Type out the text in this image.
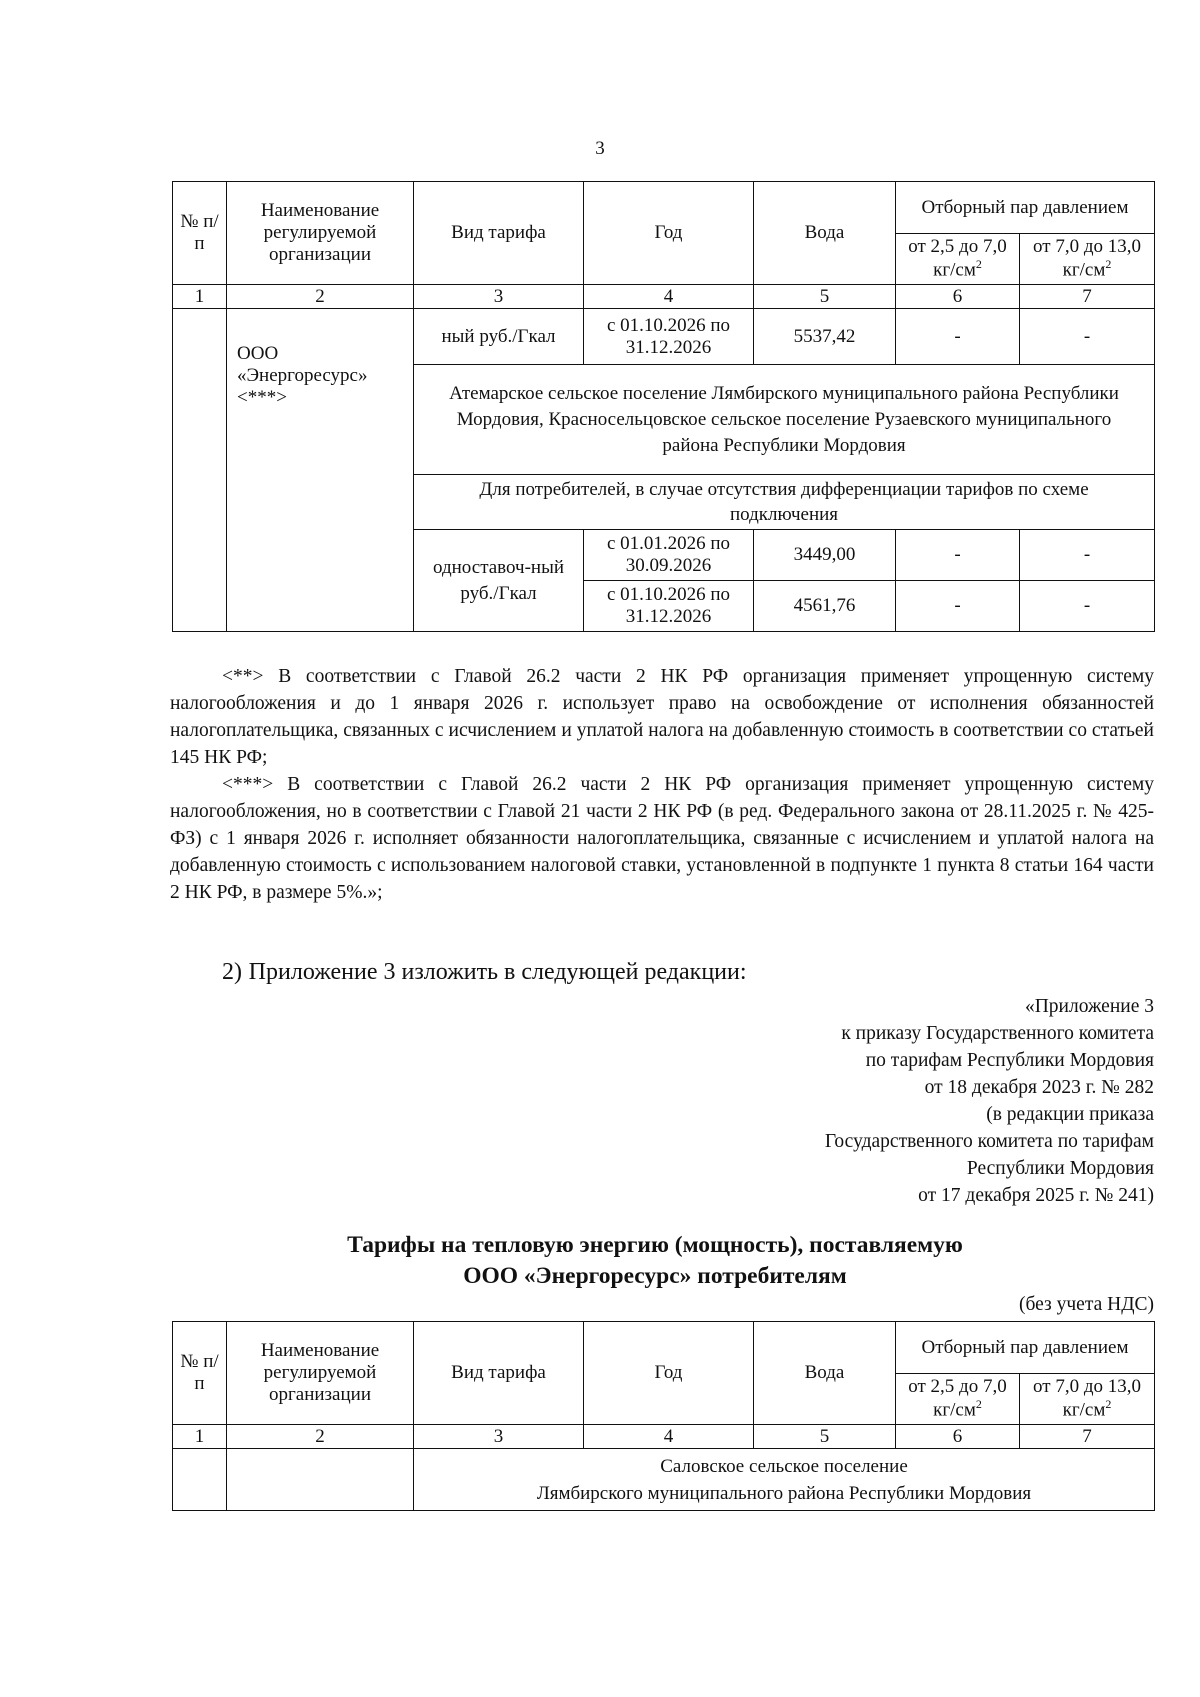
3
№ п/п	Наименование регулируемой организации	Вид тарифа	Год	Вода	Отборный пар давлением	
					от 2,5 до 7,0 $кг/см^2$	от 7,0 до 13,0 $кг/см^2$
1	2	3	4	5	6	7
	ООО «Энергоресурс» <***>	ный руб./Гкал	с 01.10.2026 по 31.12.2026	5537,42	-	-
		Атемарское сельское поселение Лямбирского муниципального района Республики Мордовия, Красносельцовское сельское поселение Рузаевского муниципального района Республики Мордовия				
		Для потребителей, в случае отсутствия дифференциации тарифов по схеме подключения				
		одноставоч-ный руб./Гкал	с 01.01.2026 по 30.09.2026	3449,00	-	-
			с 01.10.2026 по 31.12.2026	4561,76	-	-

<**> В соответствии с Главой 26.2 части 2 НК РФ организация применяет упрощенную систему налогообложения и до 1 января 2026 г. использует право на освобождение от исполнения обязанностей налогоплательщика, связанных с исчислением и уплатой налога на добавленную стоимость в соответствии со статьей 145 НК РФ;

<***> В соответствии с Главой 26.2 части 2 НК РФ организация применяет упрощенную систему налогообложения, но в соответствии с Главой 21 части 2 НК РФ (в ред. Федерального закона от 28.11.2025 г. № 425-ФЗ) с 1 января 2026 г. исполняет обязанности налогоплательщика, связанные с исчислением и уплатой налога на добавленную стоимость с использованием налоговой ставки, установленной в подпункте 1 пункта 8 статьи 164 части 2 НК РФ, в размере 5%.»;

2) Приложение 3 изложить в следующей редакции:
«Приложение 3
к приказу Государственного комитета
по тарифам Республики Мордовия
от 18 декабря 2023 г. № 282
(в редакции приказа
Государственного комитета по тарифам
Республики Мордовия
от 17 декабря 2025 г. № 241)
Тарифы на тепловую энергию (мощность), поставляемую
ООО «Энергоресурс» потребителям
(без учета НДС)
№ п/п	Наименование регулируемой организации	Вид тарифа	Год	Вода	Отборный пар давлением	
					от 2,5 до 7,0 $кг/см^2$	от 7,0 до 13,0 $кг/см^2$
1	2	3	4	5	6	7

		Саловское сельское поселение
Лямбирского муниципального района Республики Мордовия				
